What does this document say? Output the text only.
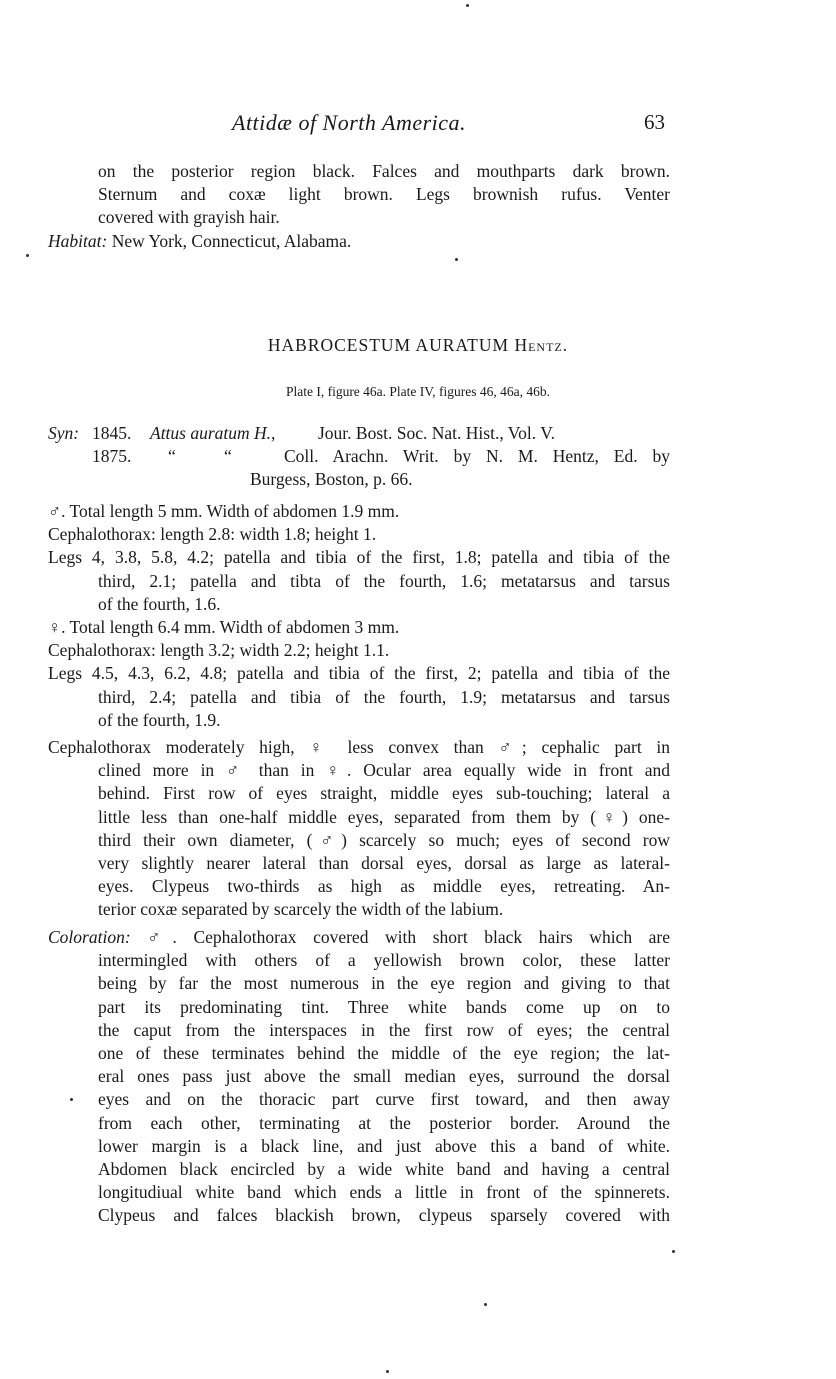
Attidæ of North America.	63
on the posterior region black. Falces and mouthparts dark brown.
Sternum and coxæ light brown. Legs brownish rufus. Venter
covered with grayish hair.
Habitat: New York, Connecticut, Alabama.
HABROCESTUM AURATUM Hentz.
Plate I, figure 46a. Plate IV, figures 46, 46a, 46b.
Syn: 1845. Attus auratum H., Jour. Bost. Soc. Nat. Hist., Vol. V.
1875. “	“	Coll. Arachn. Writ. by N. M. Hentz, Ed. by
Burgess, Boston, p. 66.
♂. Total length 5 mm. Width of abdomen 1.9 mm.
Cephalothorax: length 2.8: width 1.8; height 1.
Legs 4, 3.8, 5.8, 4.2; patella and tibia of the first, 1.8; patella and tibia of the
third, 2.1; patella and tibta of the fourth, 1.6; metatarsus and tarsus
of the fourth, 1.6.
♀. Total length 6.4 mm. Width of abdomen 3 mm.
Cephalothorax: length 3.2; width 2.2; height 1.1.
Legs 4.5, 4.3, 6.2, 4.8; patella and tibia of the first, 2; patella and tibia of the
third, 2.4; patella and tibia of the fourth, 1.9; metatarsus and tarsus
of the fourth, 1.9.
Cephalothorax moderately high, ♀ less convex than ♂; cephalic part in
clined more in ♂ than in ♀. Ocular area equally wide in front and
behind. First row of eyes straight, middle eyes sub-touching; lateral a
little less than one-half middle eyes, separated from them by (♀) one-
third their own diameter, (♂) scarcely so much; eyes of second row
very slightly nearer lateral than dorsal eyes, dorsal as large as lateral-
eyes. Clypeus two-thirds as high as middle eyes, retreating. An-
terior coxæ separated by scarcely the width of the labium.
Coloration: ♂. Cephalothorax covered with short black hairs which are
intermingled with others of a yellowish brown color, these latter
being by far the most numerous in the eye region and giving to that
part its predominating tint. Three white bands come up on to
the caput from the interspaces in the first row of eyes; the central
one of these terminates behind the middle of the eye region; the lat-
eral ones pass just above the small median eyes, surround the dorsal
eyes and on the thoracic part curve first toward, and then away
from each other, terminating at the posterior border. Around the
lower margin is a black line, and just above this a band of white.
Abdomen black encircled by a wide white band and having a central
longitudiual white band which ends a little in front of the spinnerets.
Clypeus and falces blackish brown, clypeus sparsely covered with
